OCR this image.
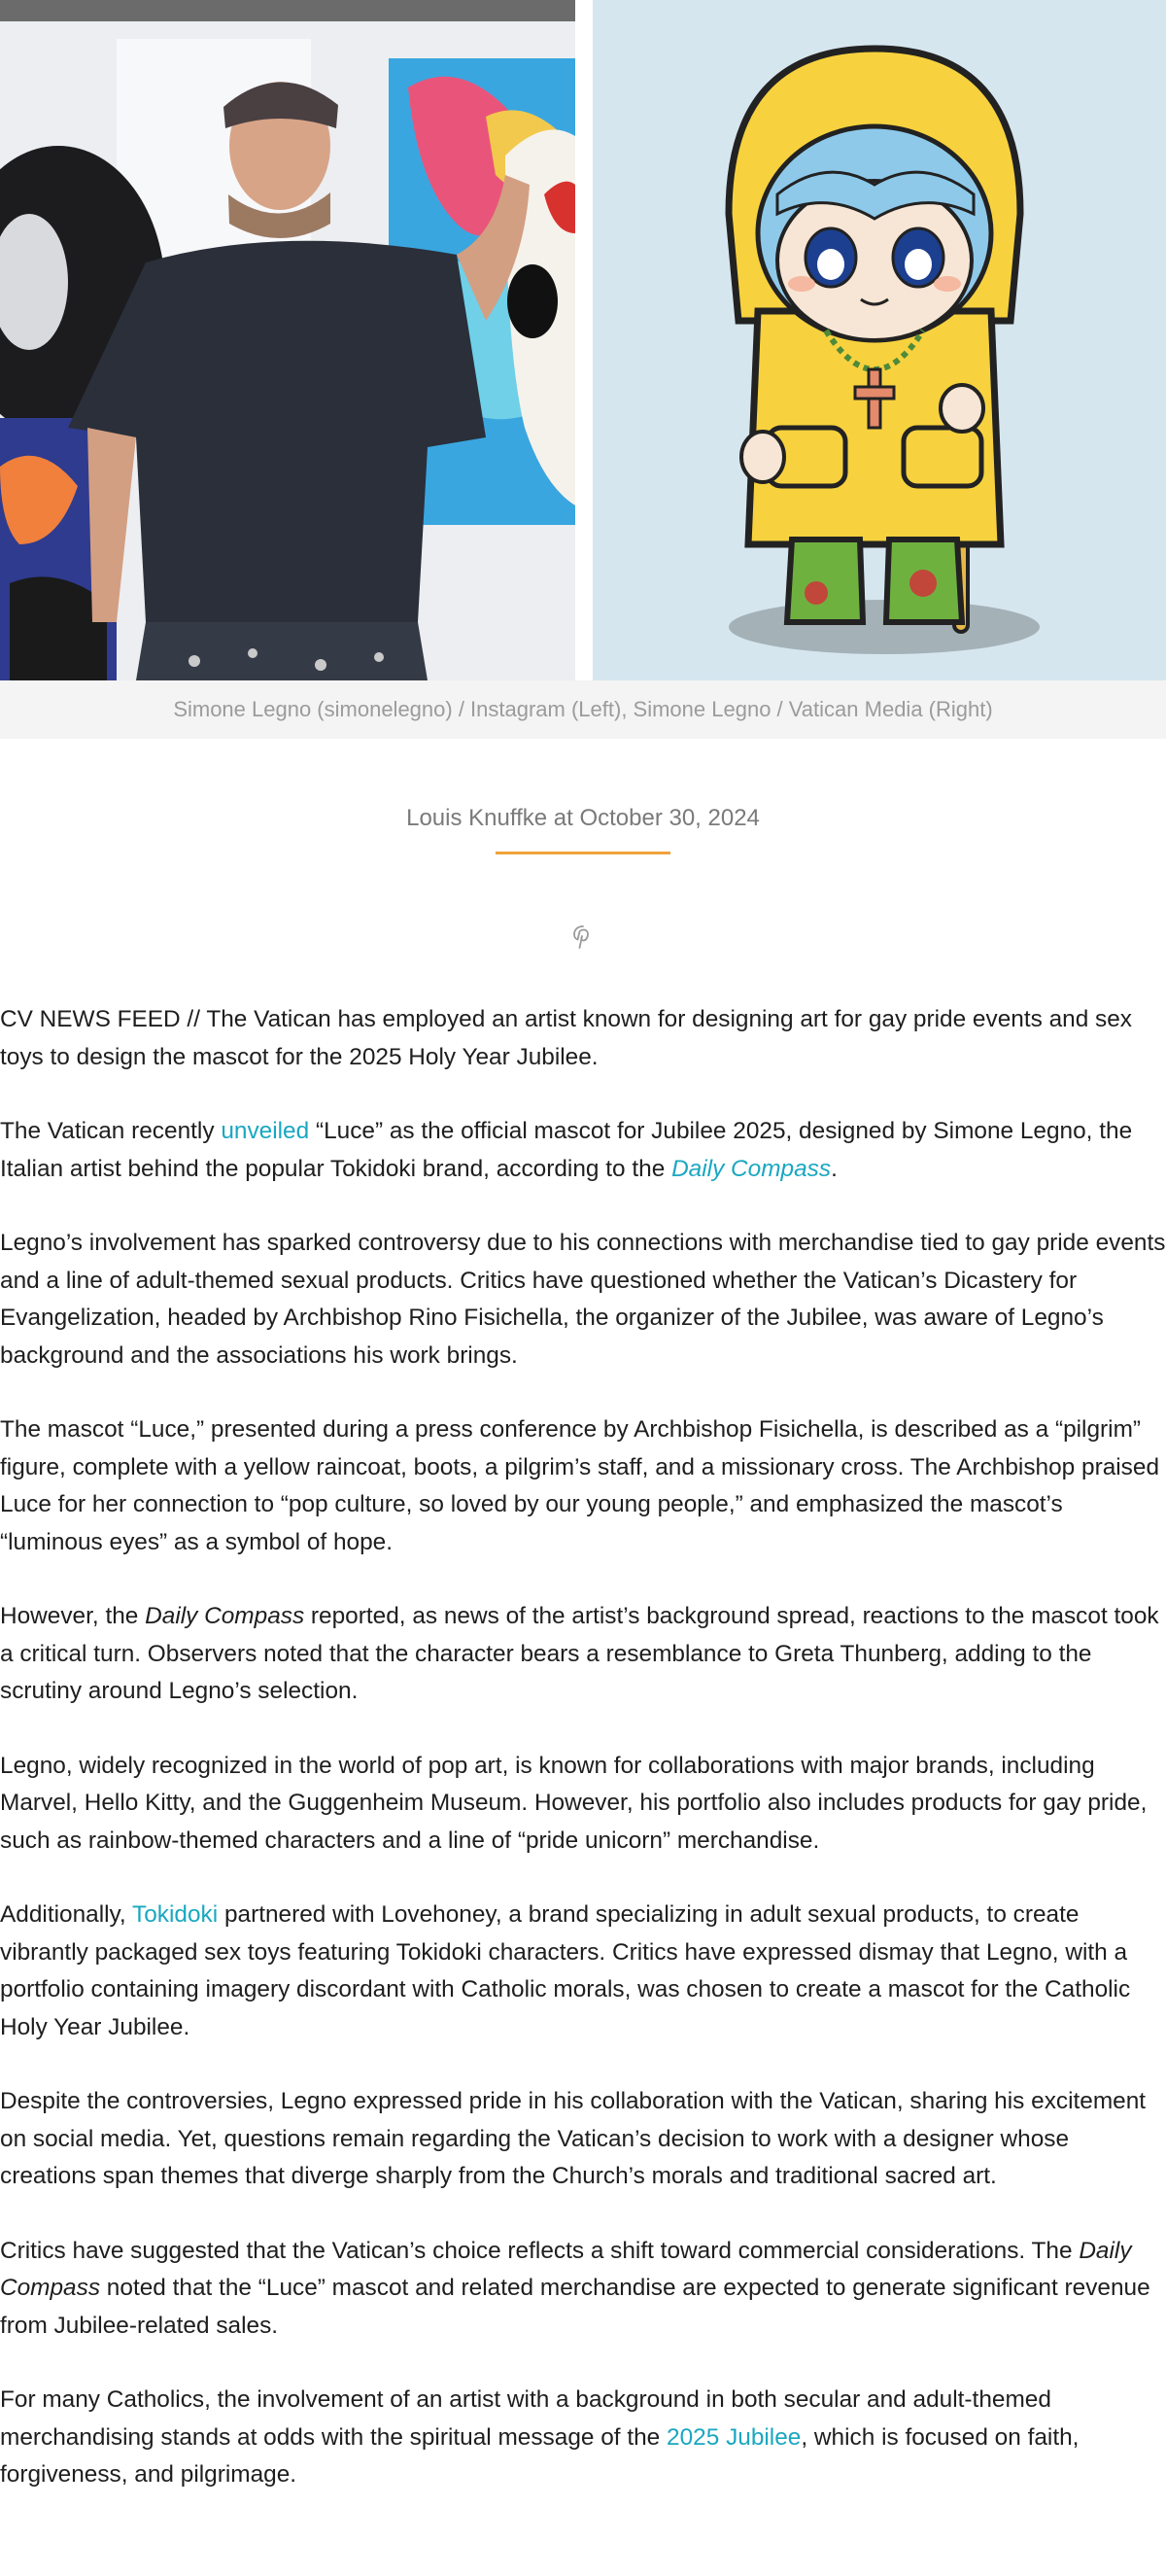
Simone Legno (simonelegno) / Instagram (Left), Simone Legno / Vatican Media (Right)
Louis Knuffke at October 30, 2024

CV NEWS FEED // The Vatican has employed an artist known for designing art for gay pride events and sex toys to design the mascot for the 2025 Holy Year Jubilee.

The Vatican recently unveiled “Luce” as the official mascot for Jubilee 2025, designed by Simone Legno, the Italian artist behind the popular Tokidoki brand, according to the Daily Compass.

Legno’s involvement has sparked controversy due to his connections with merchandise tied to gay pride events and a line of adult-themed sexual products. Critics have questioned whether the Vatican’s Dicastery for Evangelization, headed by Archbishop Rino Fisichella, the organizer of the Jubilee, was aware of Legno’s background and the associations his work brings.

The mascot “Luce,” presented during a press conference by Archbishop Fisichella, is described as a “pilgrim” figure, complete with a yellow raincoat, boots, a pilgrim’s staff, and a missionary cross. The Archbishop praised Luce for her connection to “pop culture, so loved by our young people,” and emphasized the mascot’s “luminous eyes” as a symbol of hope.

However, the Daily Compass reported, as news of the artist’s background spread, reactions to the mascot took a critical turn. Observers noted that the character bears a resemblance to Greta Thunberg, adding to the scrutiny around Legno’s selection.

Legno, widely recognized in the world of pop art, is known for collaborations with major brands, including Marvel, Hello Kitty, and the Guggenheim Museum. However, his portfolio also includes products for gay pride, such as rainbow-themed characters and a line of “pride unicorn” merchandise.

Additionally, Tokidoki partnered with Lovehoney, a brand specializing in adult sexual products, to create vibrantly packaged sex toys featuring Tokidoki characters. Critics have expressed dismay that Legno, with a portfolio containing imagery discordant with Catholic morals, was chosen to create a mascot for the Catholic Holy Year Jubilee.

Despite the controversies, Legno expressed pride in his collaboration with the Vatican, sharing his excitement on social media. Yet, questions remain regarding the Vatican’s decision to work with a designer whose creations span themes that diverge sharply from the Church’s morals and traditional sacred art.

Critics have suggested that the Vatican’s choice reflects a shift toward commercial considerations. The Daily Compass noted that the “Luce” mascot and related merchandise are expected to generate significant revenue from Jubilee-related sales.

For many Catholics, the involvement of an artist with a background in both secular and adult-themed merchandising stands at odds with the spiritual message of the 2025 Jubilee, which is focused on faith, forgiveness, and pilgrimage.
